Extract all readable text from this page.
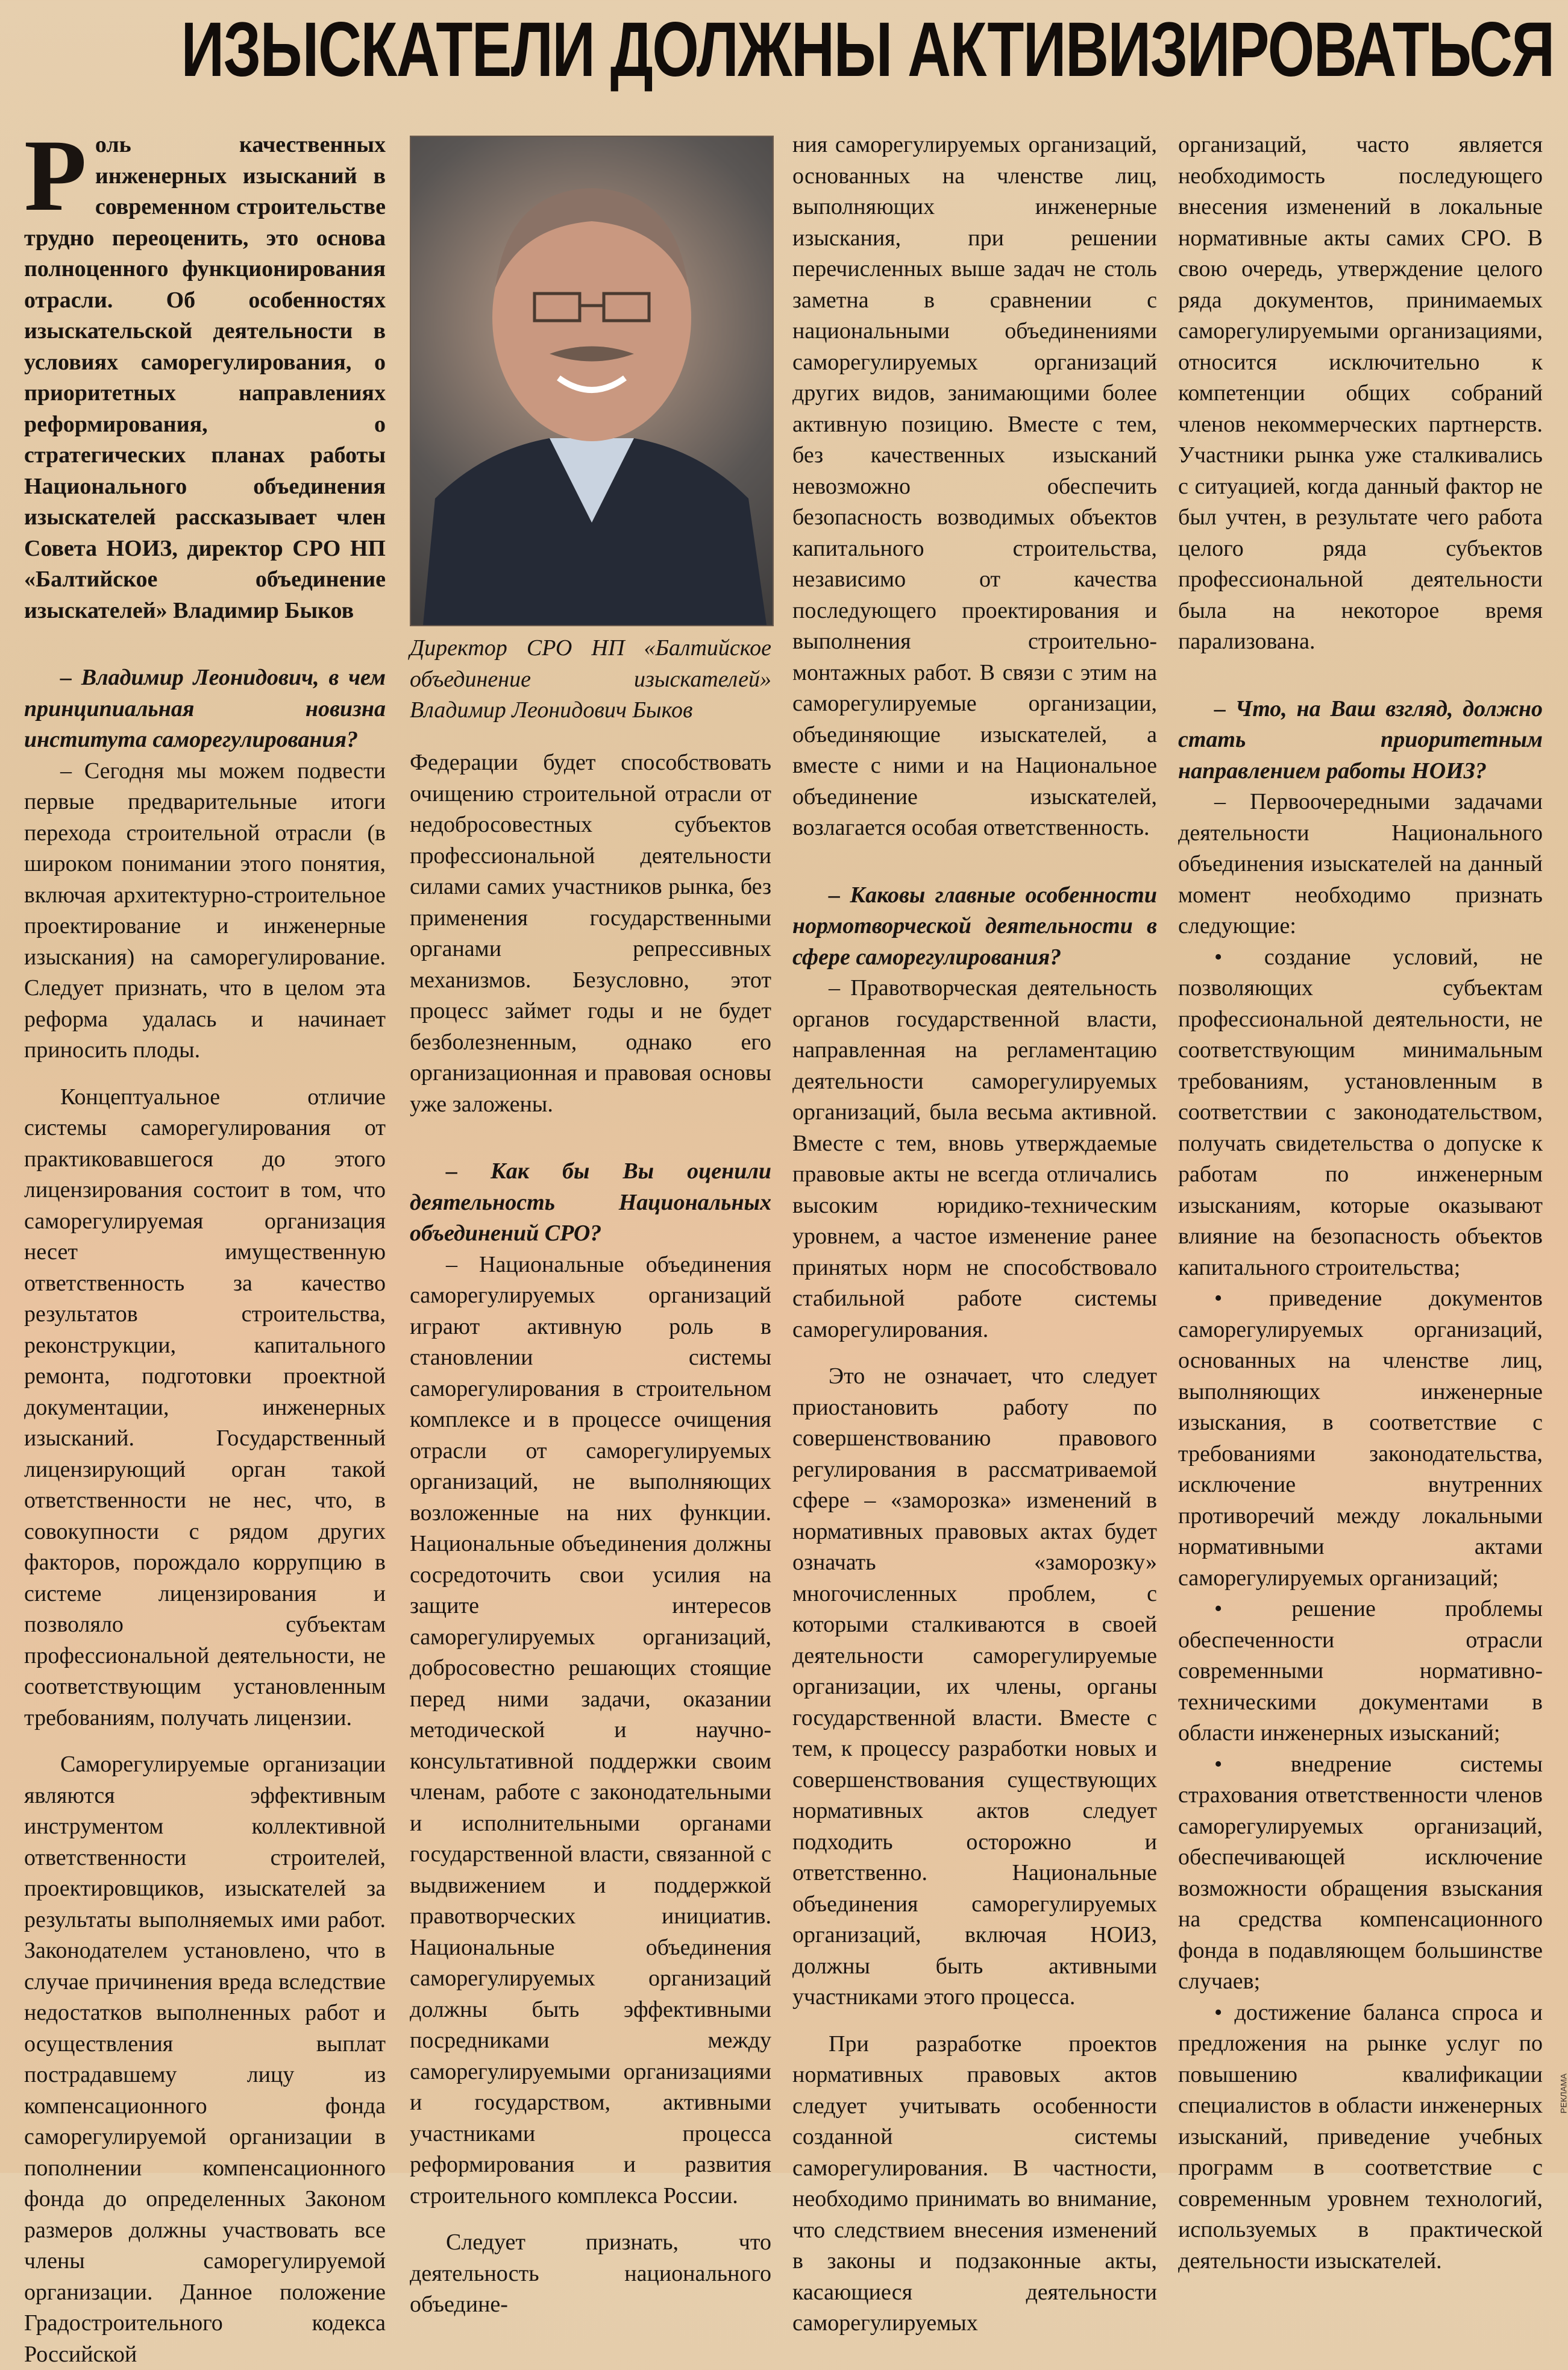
ИЗЫСКАТЕЛИ ДОЛЖНЫ АКТИВИЗИРОВАТЬСЯ

Роль качественных инженерных изысканий в современном строительстве трудно переоценить, это основа полноценного функционирования отрасли. Об особенностях изыскательской деятельности в условиях саморегулирования, о приоритетных направлениях реформирования, о стратегических планах работы Национального объединения изыскателей рассказывает член Совета НОИЗ, директор СРО НП «Балтийское объединение изыскателей» Владимир Быков

– Владимир Леонидович, в чем принципиальная новизна института саморегулирования?

– Сегодня мы можем подвести первые предварительные итоги перехода строительной отрасли (в широком понимании этого понятия, включая архитектурно-строительное проектирование и инженерные изыскания) на саморегулирование. Следует признать, что в целом эта реформа удалась и начинает приносить плоды.

Концептуальное отличие системы саморегулирования от практиковавшегося до этого лицензирования состоит в том, что саморегулируемая организация несет имущественную ответственность за качество результатов строительства, реконструкции, капитального ремонта, подготовки проектной документации, инженерных изысканий. Государственный лицензирующий орган такой ответственности не нес, что, в совокупности с рядом других факторов, порождало коррупцию в системе лицензирования и позволяло субъектам профессиональной деятельности, не соответствующим установленным требованиям, получать лицензии.

Саморегулируемые организации являются эффективным инструментом коллективной ответственности строителей, проектировщиков, изыскателей за результаты выполняемых ими работ. Законодателем установлено, что в случае причинения вреда вследствие недостатков выполненных работ и осуществления выплат пострадавшему лицу из компенсационного фонда саморегулируемой организации в пополнении компенсационного фонда до определенных Законом размеров должны участвовать все члены саморегулируемой организации. Данное положение Градостроительного кодекса Российской

Директор СРО НП «Балтийское объединение изыскателей» Владимир Леонидович Быков

Федерации будет способствовать очищению строительной отрасли от недобросовестных субъектов профессиональной деятельности силами самих участников рынка, без применения государственными органами репрессивных механизмов. Безусловно, этот процесс займет годы и не будет безболезненным, однако его организационная и правовая основы уже заложены.

– Как бы Вы оценили деятельность Национальных объединений СРО?

– Национальные объединения саморегулируемых организаций играют активную роль в становлении системы саморегулирования в строительном комплексе и в процессе очищения отрасли от саморегулируемых организаций, не выполняющих возложенные на них функции. Национальные объединения должны сосредоточить свои усилия на защите интересов саморегулируемых организаций, добросовестно решающих стоящие перед ними задачи, оказании методической и научно-консультативной поддержки своим членам, работе с законодательными и исполнительными органами государственной власти, связанной с выдвижением и поддержкой правотворческих инициатив. Национальные объединения саморегулируемых организаций должны быть эффективными посредниками между саморегулируемыми организациями и государством, активными участниками процесса реформирования и развития строительного комплекса России.

Следует признать, что деятельность национального объедине-

ния саморегулируемых организаций, основанных на членстве лиц, выполняющих инженерные изыскания, при решении перечисленных выше задач не столь заметна в сравнении с национальными объединениями саморегулируемых организаций других видов, занимающими более активную позицию. Вместе с тем, без качественных изысканий невозможно обеспечить безопасность возводимых объектов капитального строительства, независимо от качества последующего проектирования и выполнения строительно-монтажных работ. В связи с этим на саморегулируемые организации, объединяющие изыскателей, а вместе с ними и на Национальное объединение изыскателей, возлагается особая ответственность.

– Каковы главные особенности нормотворческой деятельности в сфере саморегулирования?

– Правотворческая деятельность органов государственной власти, направленная на регламентацию деятельности саморегулируемых организаций, была весьма активной. Вместе с тем, вновь утверждаемые правовые акты не всегда отличались высоким юридико-техническим уровнем, а частое изменение ранее принятых норм не способствовало стабильной работе системы саморегулирования.

Это не означает, что следует приостановить работу по совершенствованию правового регулирования в рассматриваемой сфере – «заморозка» изменений в нормативных правовых актах будет означать «заморозку» многочисленных проблем, с которыми сталкиваются в своей деятельности саморегулируемые организации, их члены, органы государственной власти. Вместе с тем, к процессу разработки новых и совершенствования существующих нормативных актов следует подходить осторожно и ответственно. Национальные объединения саморегулируемых организаций, включая НОИЗ, должны быть активными участниками этого процесса.

При разработке проектов нормативных правовых актов следует учитывать особенности созданной системы саморегулирования. В частности, необходимо принимать во внимание, что следствием внесения изменений в законы и подзаконные акты, касающиеся деятельности саморегулируемых

организаций, часто является необходимость последующего внесения изменений в локальные нормативные акты самих СРО. В свою очередь, утверждение целого ряда документов, принимаемых саморегулируемыми организациями, относится исключительно к компетенции общих собраний членов некоммерческих партнерств. Участники рынка уже сталкивались с ситуацией, когда данный фактор не был учтен, в результате чего работа целого ряда субъектов профессиональной деятельности была на некоторое время парализована.

– Что, на Ваш взгляд, должно стать приоритетным направлением работы НОИЗ?

– Первоочередными задачами деятельности Национального объединения изыскателей на данный момент необходимо признать следующие:

• создание условий, не позволяющих субъектам профессиональной деятельности, не соответствующим минимальным требованиям, установленным в соответствии с законодательством, получать свидетельства о допуске к работам по инженерным изысканиям, которые оказывают влияние на безопасность объектов капитального строительства;

• приведение документов саморегулируемых организаций, основанных на членстве лиц, выполняющих инженерные изыскания, в соответствие с требованиями законодательства, исключение внутренних противоречий между локальными нормативными актами саморегулируемых организаций;

• решение проблемы обеспеченности отрасли современными нормативно-техническими документами в области инженерных изысканий;

• внедрение системы страхования ответственности членов саморегулируемых организаций, обеспечивающей исключение возможности обращения взыскания на средства компенсационного фонда в подавляющем большинстве случаев;

• достижение баланса спроса и предложения на рынке услуг по повышению квалификации специалистов в области инженерных изысканий, приведение учебных программ в соответствие с современным уровнем технологий, используемых в практической деятельности изыскателей.

РЕКЛАМА
